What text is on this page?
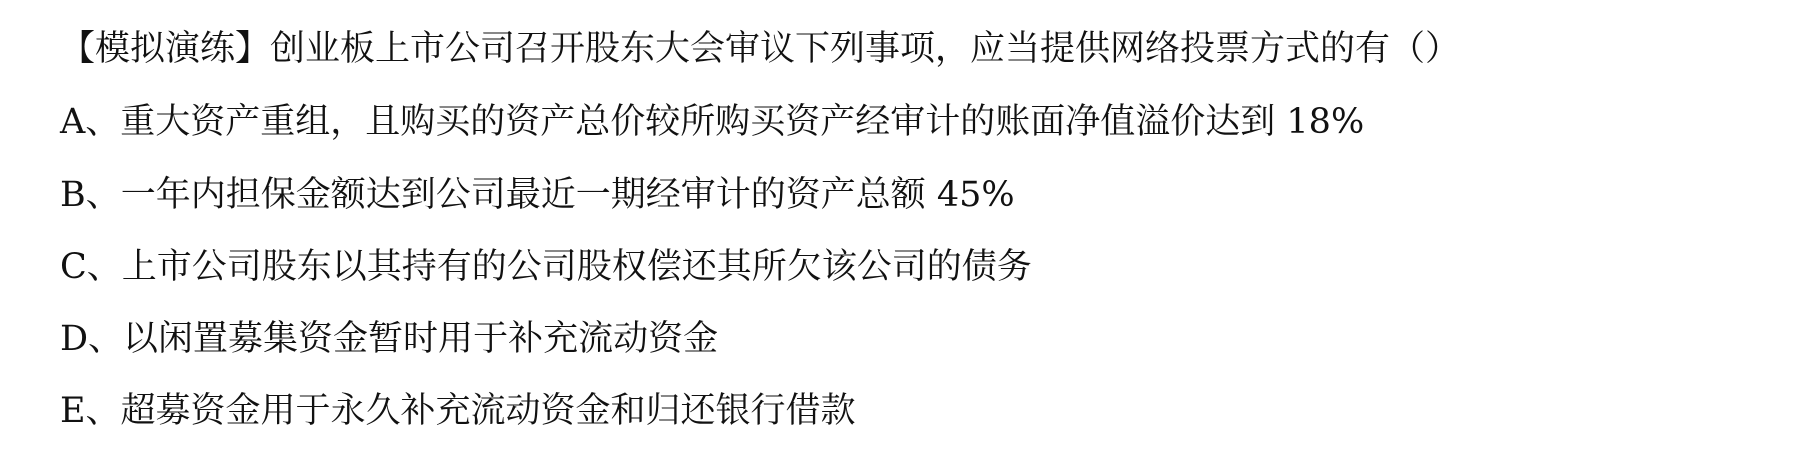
【模拟演练】创业板上市公司召开股东大会审议下列事项，应当提供网络投票方式的有（）
A、重大资产重组，且购买的资产总价较所购买资产经审计的账面净值溢价达到 18%
B、一年内担保金额达到公司最近一期经审计的资产总额 45%
C、上市公司股东以其持有的公司股权偿还其所欠该公司的债务
D、以闲置募集资金暂时用于补充流动资金
E、超募资金用于永久补充流动资金和归还银行借款
